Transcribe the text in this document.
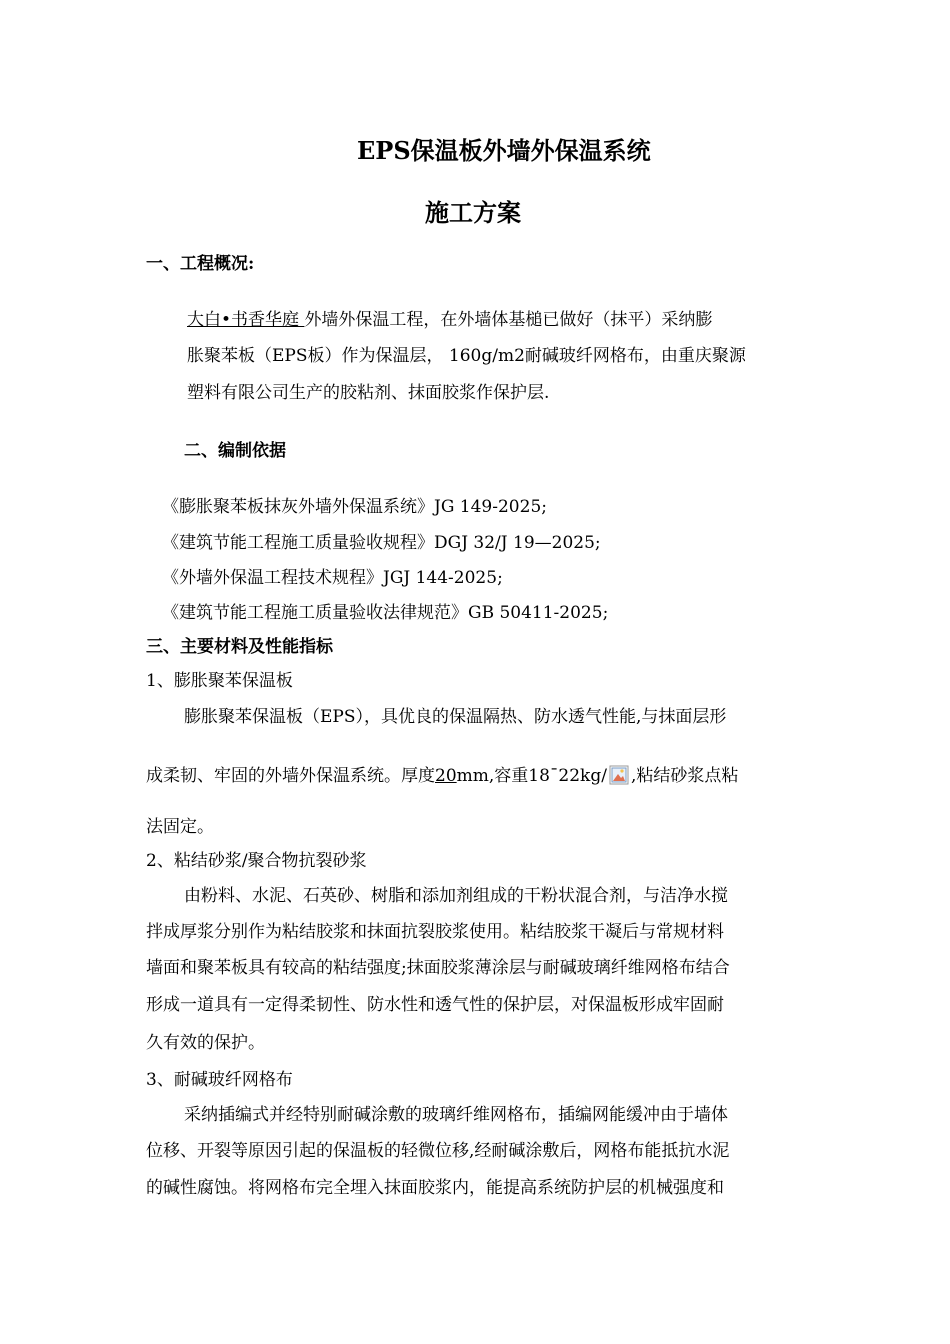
EPS保温板外墙外保温系统
施工方案
一、工程概况:
大白•书香华庭 外墙外保温工程，在外墙体基槌已做好（抹平）采纳膨
胀聚苯板（EPS板）作为保温层， 160g/m2耐碱玻纤网格布，由重庆聚源
塑料有限公司生产的胶粘剂、抹面胶浆作保护层.
二、编制依据
《膨胀聚苯板抹灰外墙外保温系统》JG 149-2025;
《建筑节能工程施工质量验收规程》DGJ 32/J 19—2025;
《外墙外保温工程技术规程》JGJ 144-2025;
《建筑节能工程施工质量验收法律规范》GB 50411-2025;
三、主要材料及性能指标
1、膨胀聚苯保温板
膨胀聚苯保温板（EPS），具优良的保温隔热、防水透气性能,与抹面层形
成柔韧、牢固的外墙外保温系统。厚度20mm,容重18¯22kg/ ,粘结砂浆点粘
法固定。
2、粘结砂浆/聚合物抗裂砂浆
由粉料、水泥、石英砂、树脂和添加剂组成的干粉状混合剂，与洁净水搅
拌成厚浆分别作为粘结胶浆和抹面抗裂胶浆使用。粘结胶浆干凝后与常规材料
墙面和聚苯板具有较高的粘结强度;抹面胶浆薄涂层与耐碱玻璃纤维网格布结合
形成一道具有一定得柔韧性、防水性和透气性的保护层，对保温板形成牢固耐
久有效的保护。
3、耐碱玻纤网格布
采纳插编式并经特别耐碱涂敷的玻璃纤维网格布，插编网能缓冲由于墙体
位移、开裂等原因引起的保温板的轻微位移,经耐碱涂敷后，网格布能抵抗水泥
的碱性腐蚀。将网格布完全埋入抹面胶浆内，能提高系统防护层的机械强度和
